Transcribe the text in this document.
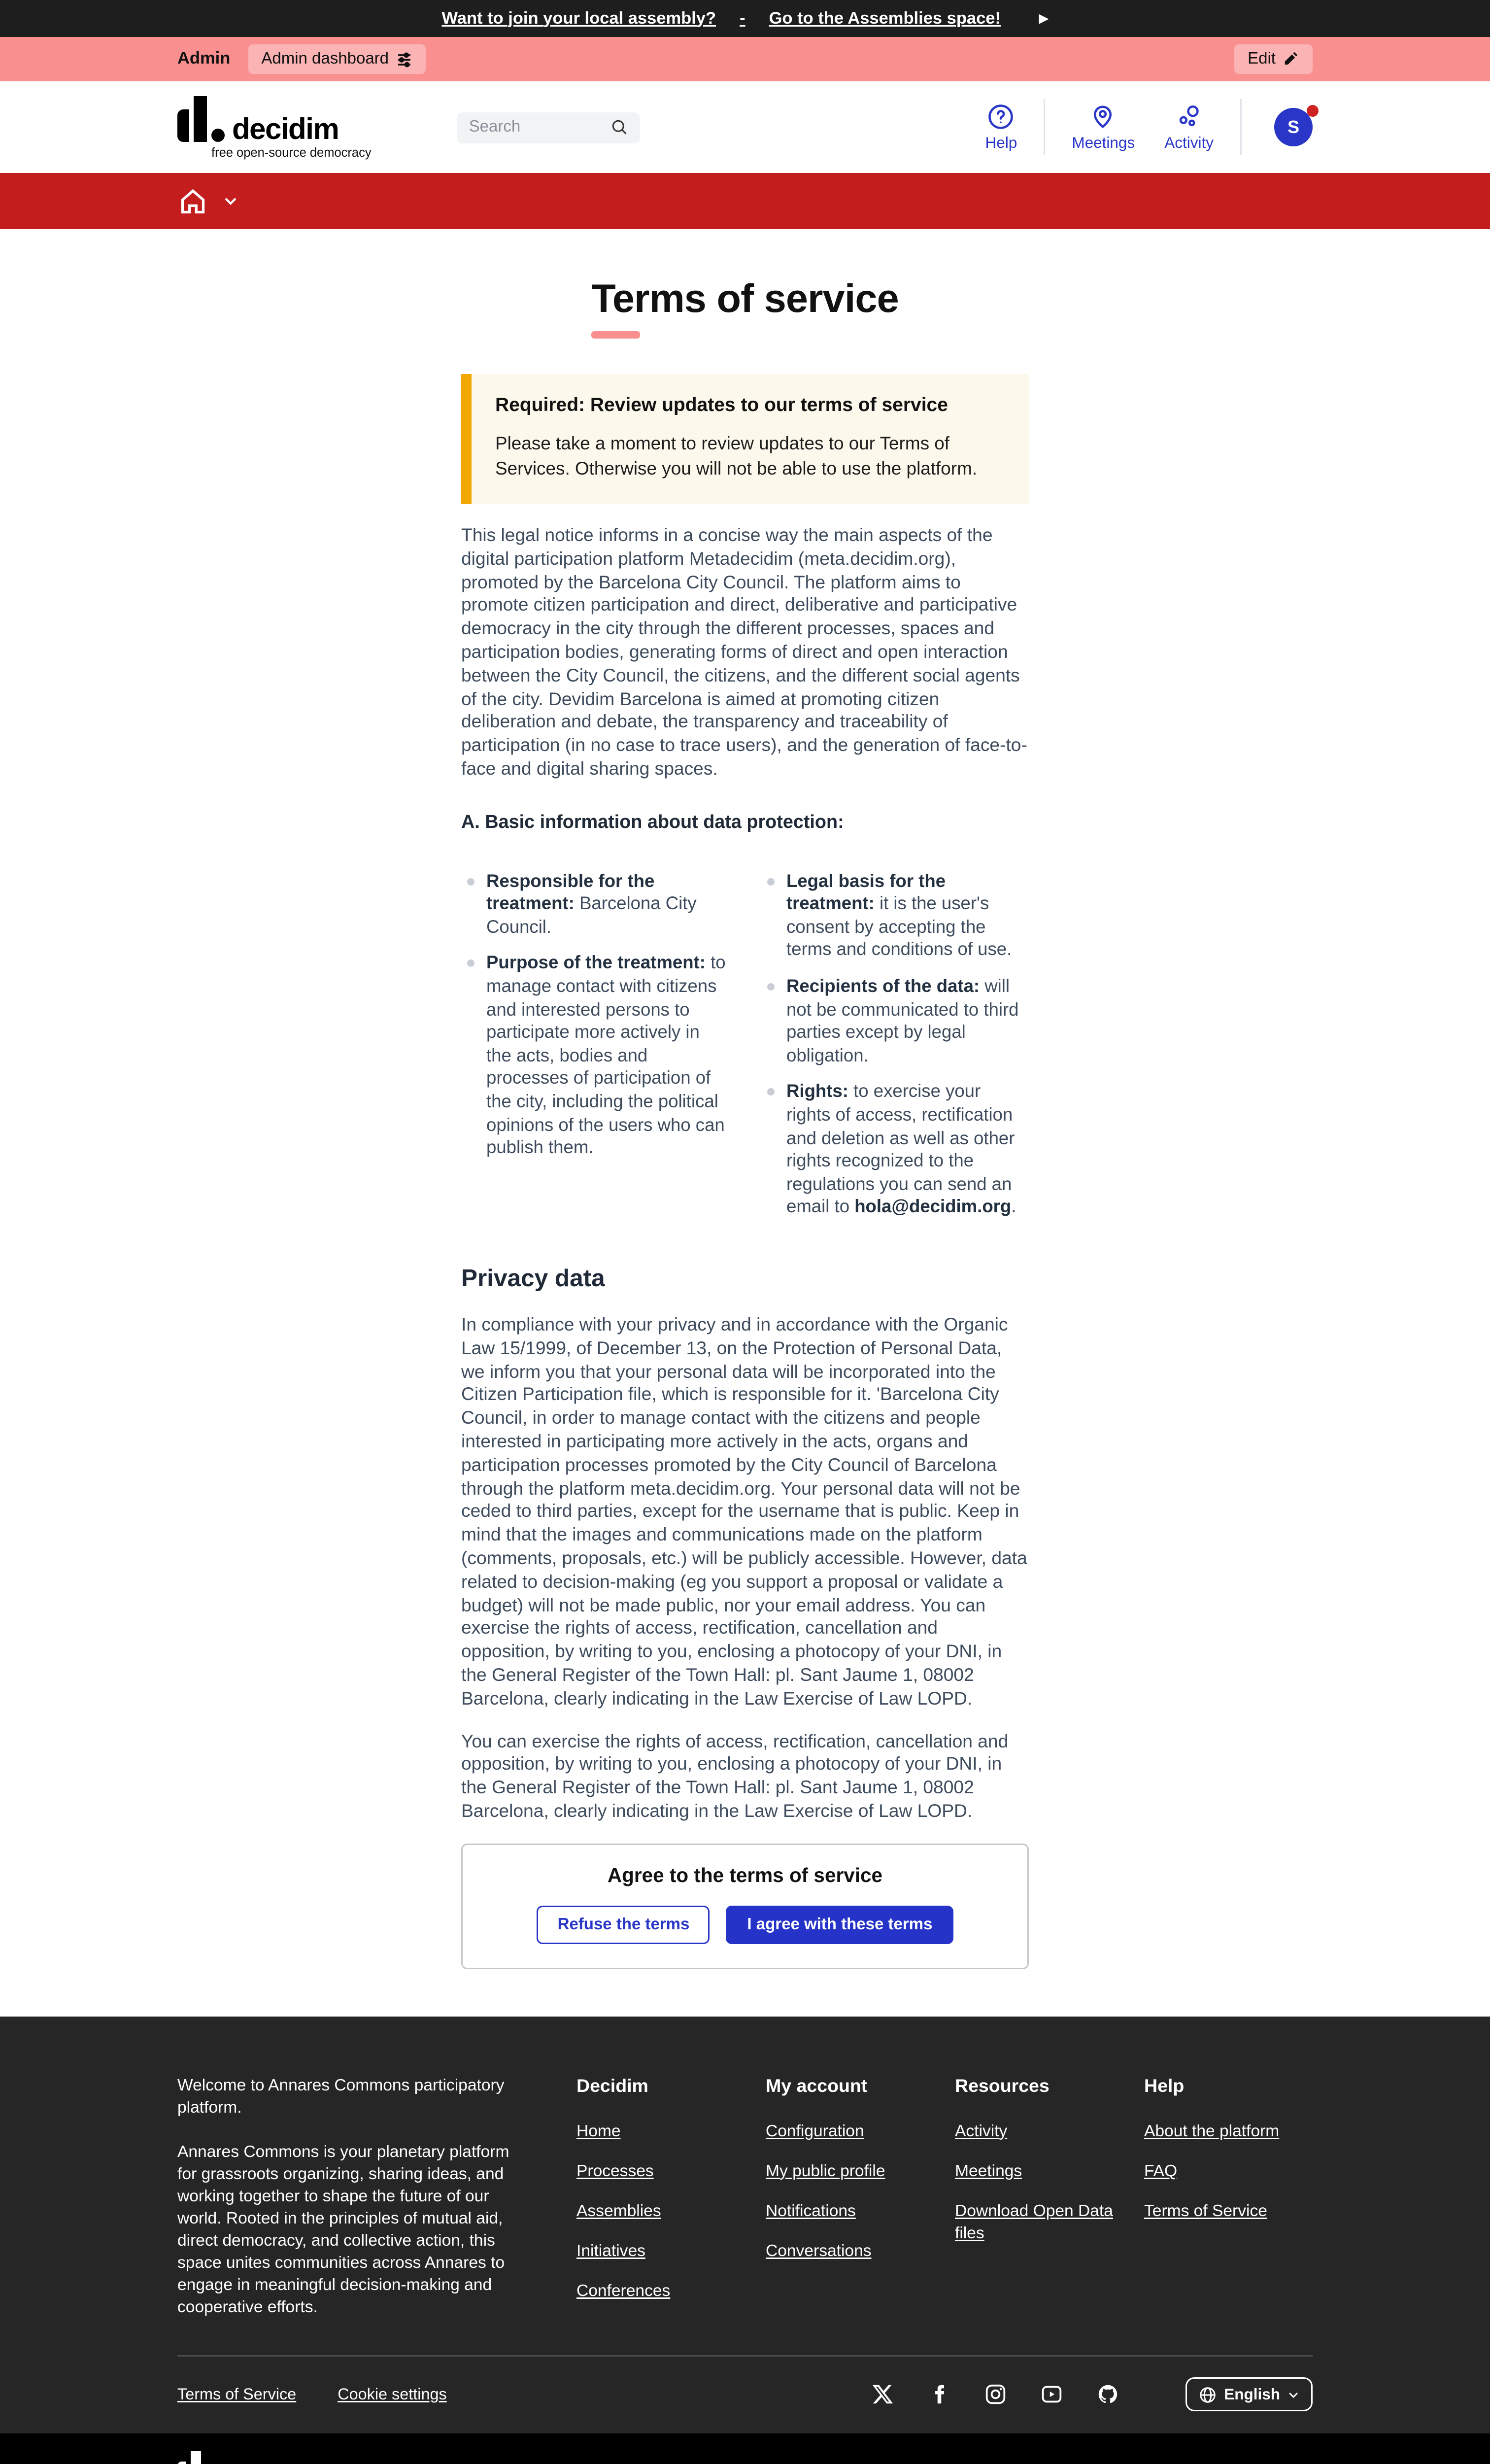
Want to join your local assembly?	-	Go to the Assemblies space!	▶
Admin	Admin dashboard	Edit
decidim
free open-source democracy
Search	Help	Meetings	Activity
S
Terms of service
Required: Review updates to our terms of service

Please take a moment to review updates to our Terms of Services. Otherwise you will not be able to use the platform.

This legal notice informs in a concise way the main aspects of the digital participation platform Metadecidim (meta.decidim.org), promoted by the Barcelona City Council. The platform aims to promote citizen participation and direct, deliberative and participative democracy in the city through the different processes, spaces and participation bodies, generating forms of direct and open interaction between the City Council, the citizens, and the different social agents of the city. Devidim Barcelona is aimed at promoting citizen deliberation and debate, the transparency and traceability of participation (in no case to trace users), and the generation of face-to-face and digital sharing spaces.

A. Basic information about data protection:
Responsible for the treatment: Barcelona City Council.
Purpose of the treatment: to manage contact with citizens and interested persons to participate more actively in the acts, bodies and processes of participation of the city, including the political opinions of the users who can publish them.
Legal basis for the treatment: it is the user's consent by accepting the terms and conditions of use.
Recipients of the data: will not be communicated to third parties except by legal obligation.
Rights: to exercise your rights of access, rectification and deletion as well as other rights recognized to the regulations you can send an email to hola@decidim.org.
Privacy data

In compliance with your privacy and in accordance with the Organic Law 15/1999, of December 13, on the Protection of Personal Data, we inform you that your personal data will be incorporated into the Citizen Participation file, which is responsible for it. 'Barcelona City Council, in order to manage contact with the citizens and people interested in participating more actively in the acts, organs and participation processes promoted by the City Council of Barcelona through the platform meta.decidim.org. Your personal data will not be ceded to third parties, except for the username that is public. Keep in mind that the images and communications made on the platform (comments, proposals, etc.) will be publicly accessible. However, data related to decision-making (eg you support a proposal or validate a budget) will not be made public, nor your email address. You can exercise the rights of access, rectification, cancellation and opposition, by writing to you, enclosing a photocopy of your DNI, in the General Register of the Town Hall: pl. Sant Jaume 1, 08002 Barcelona, clearly indicating in the Law Exercise of Law LOPD.

You can exercise the rights of access, rectification, cancellation and opposition, by writing to you, enclosing a photocopy of your DNI, in the General Register of the Town Hall: pl. Sant Jaume 1, 08002 Barcelona, clearly indicating in the Law Exercise of Law LOPD.

Agree to the terms of service
Refuse the terms	I agree with these terms

Welcome to Annares Commons participatory platform.

Annares Commons is your planetary platform for grassroots organizing, sharing ideas, and working together to shape the future of our world. Rooted in the principles of mutual aid, direct democracy, and collective action, this space unites communities across Annares to engage in meaningful decision-making and cooperative efforts.

Decidim
Home
Processes
Assemblies
Initiatives
Conferences
My account
Configuration
My public profile
Notifications
Conversations
Resources
Activity
Meetings
Download Open Data files
Help
About the platform
FAQ
Terms of Service
Terms of Service	Cookie settings	English
